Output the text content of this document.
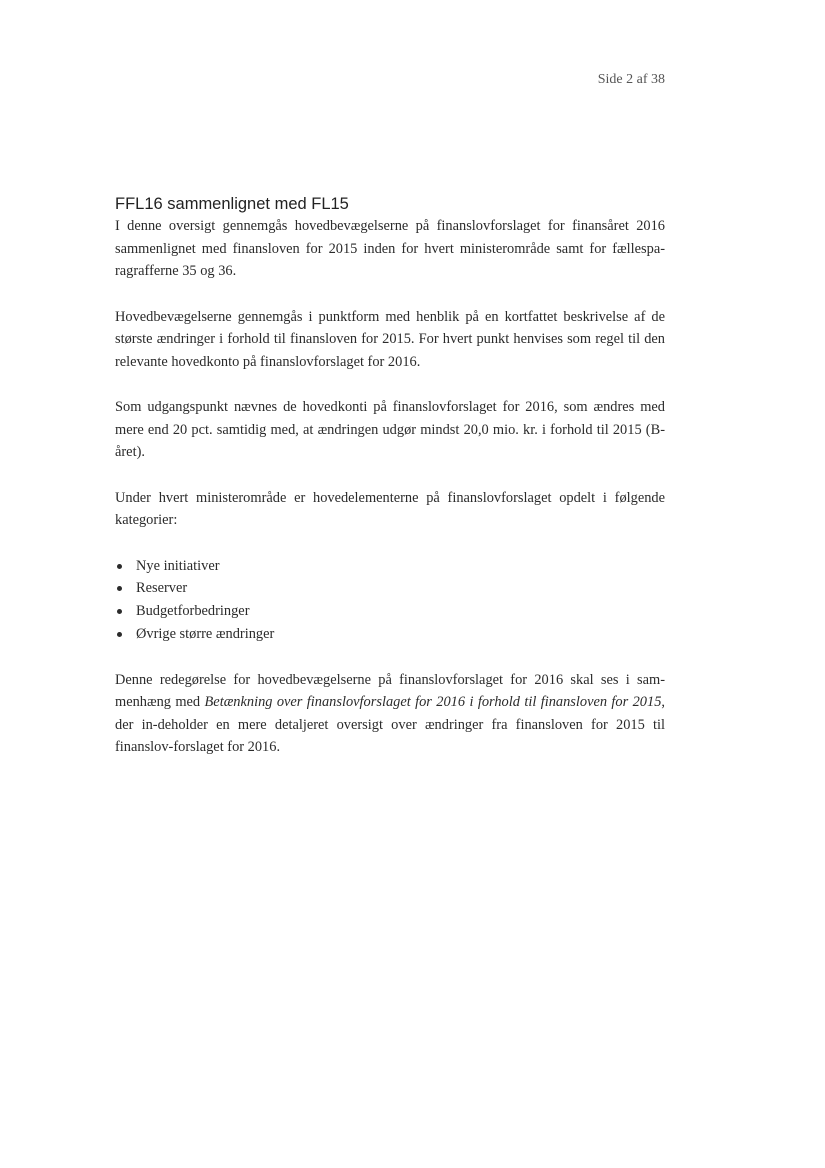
Side 2 af 38
FFL16 sammenlignet med FL15

I denne oversigt gennemgås hovedbevægelserne på finanslovforslaget for finansåret 2016 sammenlignet med finansloven for 2015 inden for hvert ministerområde samt for fællespa-ragrafferne 35 og 36.

Hovedbevægelserne gennemgås i punktform med henblik på en kortfattet beskrivelse af de største ændringer i forhold til finansloven for 2015. For hvert punkt henvises som regel til den relevante hovedkonto på finanslovforslaget for 2016.

Som udgangspunkt nævnes de hovedkonti på finanslovforslaget for 2016, som ændres med mere end 20 pct. samtidig med, at ændringen udgør mindst 20,0 mio. kr. i forhold til 2015 (B-året).

Under hvert ministerområde er hovedelementerne på finanslovforslaget opdelt i følgende kategorier:

Nye initiativer
Reserver
Budgetforbedringer
Øvrige større ændringer

Denne redegørelse for hovedbevægelserne på finanslovforslaget for 2016 skal ses i sam-menhæng med Betænkning over finanslovforslaget for 2016 i forhold til finansloven for 2015, der in-deholder en mere detaljeret oversigt over ændringer fra finansloven for 2015 til finanslov-forslaget for 2016.
